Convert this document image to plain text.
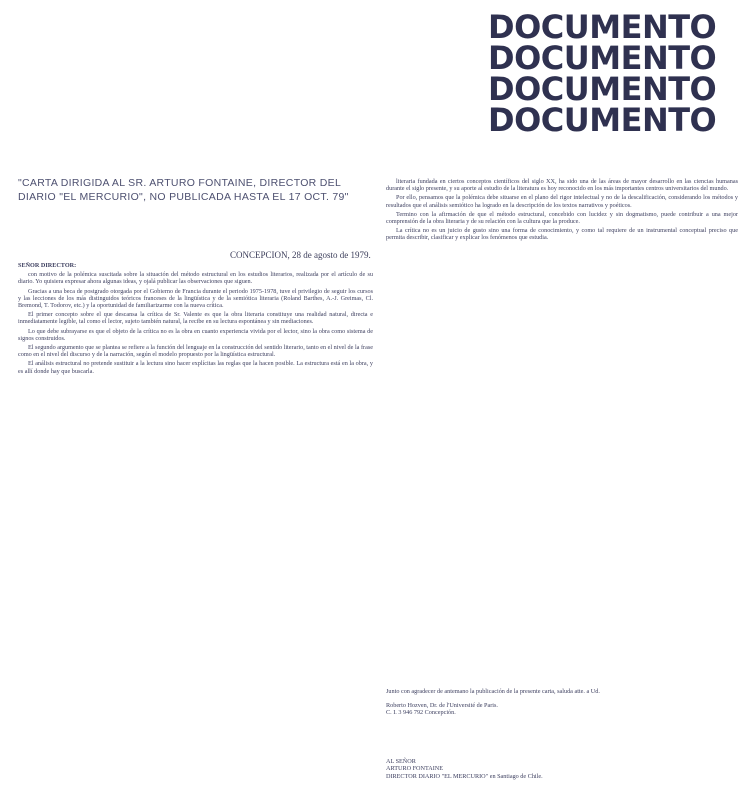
DOCUMENTO
DOCUMENTO
DOCUMENTO
DOCUMENTO
"CARTA DIRIGIDA AL SR. ARTURO FONTAINE, DIRECTOR DEL DIARIO "EL MERCURIO", NO PUBLICADA HASTA EL 17 OCT. 79"
CONCEPCION, 28 de agosto de 1979.

SEÑOR DIRECTOR:

con motivo de la polémica suscitada sobre la situación del método estructural en los estudios literarios, realizada por el artículo de su diario. Yo quisiera expresar ahora algunas ideas, y ojalá publicar las observaciones que siguen.

Gracias a una beca de postgrado otorgada por el Gobierno de Francia durante el periodo 1975-1978, tuve el privilegio de seguir los cursos y las lecciones de los más distinguidos teóricos franceses de la lingüística y de la semiótica literaria (Roland Barthes, A.-J. Greimas, Cl. Bremond, T. Todorov, etc.) y la oportunidad de familiarizarme con la nueva crítica.

El primer concepto sobre el que descansa la crítica de Sr. Valente es que la obra literaria constituye una realidad natural, directa e inmediatamente legible, tal como el lector, sujeto también natural, la recibe en su lectura espontánea y sin mediaciones.

Lo que debe subrayarse es que el objeto de la crítica no es la obra en cuanto experiencia vivida por el lector, sino la obra como sistema de signos construidos.

El segundo argumento que se plantea se refiere a la función del lenguaje en la construcción del sentido literario, tanto en el nivel de la frase como en el nivel del discurso y de la narración, según el modelo propuesto por la lingüística estructural.

El análisis estructural no pretende sustituir a la lectura sino hacer explícitas las reglas que la hacen posible. La estructura está en la obra, y es allí donde hay que buscarla.

literaria fundada en ciertos conceptos científicos del siglo XX, ha sido una de las áreas de mayor desarrollo en las ciencias humanas durante el siglo presente, y su aporte al estudio de la literatura es hoy reconocido en los más importantes centros universitarios del mundo.

Por ello, pensamos que la polémica debe situarse en el plano del rigor intelectual y no de la descalificación, considerando los métodos y resultados que el análisis semiótico ha logrado en la descripción de los textos narrativos y poéticos.

Termino con la afirmación de que el método estructural, concebido con lucidez y sin dogmatismo, puede contribuir a una mejor comprensión de la obra literaria y de su relación con la cultura que la produce.

La crítica no es un juicio de gusto sino una forma de conocimiento, y como tal requiere de un instrumental conceptual preciso que permita describir, clasificar y explicar los fenómenos que estudia.

Junto con agradecer de antemano la publicación de la presente carta, saluda atte. a Ud.
Roberto Hozven, Dr. de l'Université de Paris.
C. I. 3 946 792 Concepción.
AL SEÑOR
ARTURO FONTAINE
DIRECTOR DIARIO "EL MERCURIO" en Santiago de Chile.
